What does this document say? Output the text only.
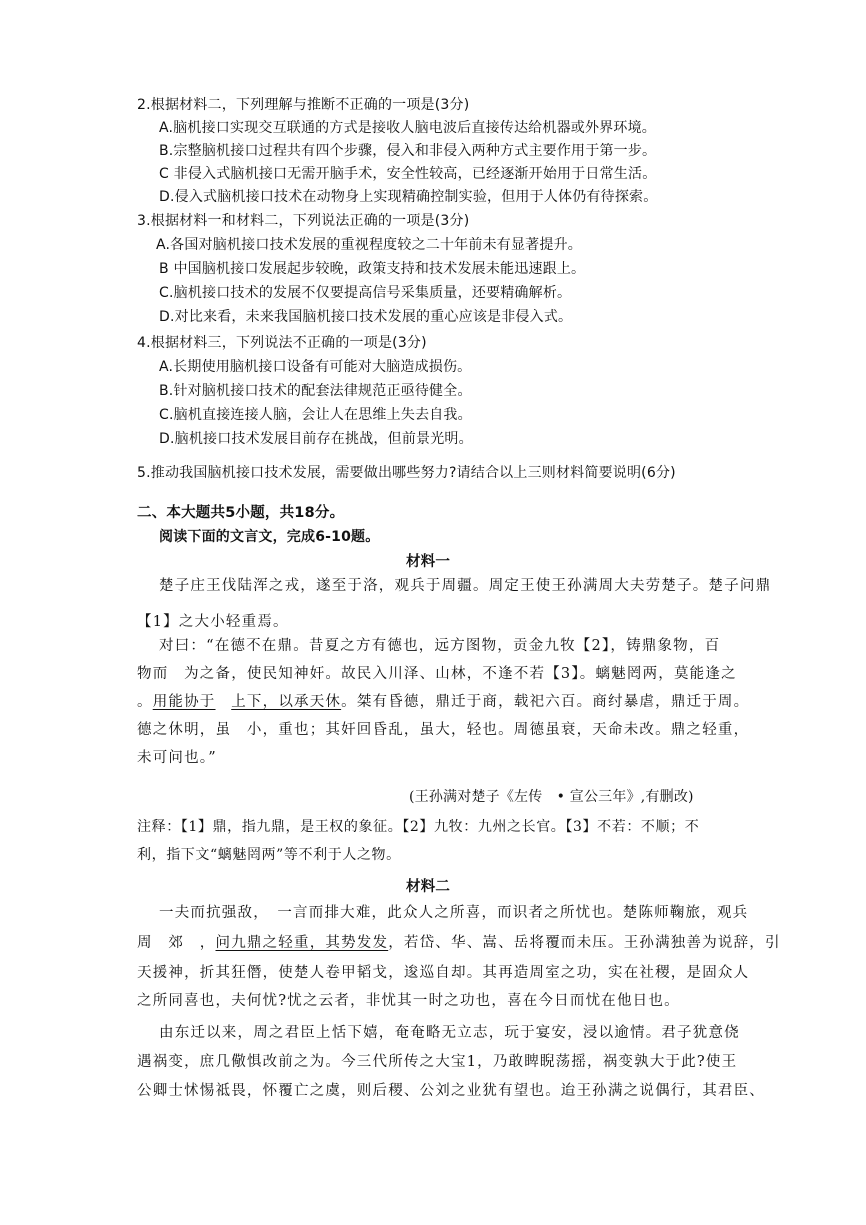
2.根据材料二，下列理解与推断不正确的一项是(3分)
A.脑机接口实现交互联通的方式是接收人脑电波后直接传达给机器或外界环境。
B.宗整脑机接口过程共有四个步骤，侵入和非侵入两种方式主要作用于第一步。
C 非侵入式脑机接口无需开脑手术，安全性较高，已经逐渐开始用于日常生活。
D.侵入式脑机接口技术在动物身上实现精确控制实验，但用于人体仍有待探索。
3.根据材料一和材料二，下列说法正确的一项是(3分)
A.各国对脑机接口技术发展的重视程度较之二十年前未有显著提升。
B 中国脑机接口发展起步较晚，政策支持和技术发展未能迅速跟上。
C.脑机接口技术的发展不仅要提高信号采集质量，还要精确解析。
D.对比来看，未来我国脑机接口技术发展的重心应该是非侵入式。
4.根据材料三，下列说法不正确的一项是(3分)
A.长期使用脑机接口设备有可能对大脑造成损伤。
B.针对脑机接口技术的配套法律规范正亟待健全。
C.脑机直接连接人脑，会让人在思维上失去自我。
D.脑机接口技术发展目前存在挑战，但前景光明。
5.推动我国脑机接口技术发展，需要做出哪些努力?请结合以上三则材料简要说明(6分)
二、本大题共5小题，共18分。
阅读下面的文言文，完成6-10题。
材料一
楚子庄王伐陆浑之戎，遂至于洛，观兵于周疆。周定王使王孙满周大夫劳楚子。楚子问鼎
【1】之大小轻重焉。
对曰：“在德不在鼎。昔夏之方有德也，远方图物，贡金九牧【2】，铸鼎象物，百
物而　为之备，使民知神奸。故民入川泽、山林，不逢不若【3】。螭魅罔两，莫能逢之
。用能协于　 上下，以承天休。桀有昏德，鼎迁于商，载祀六百。商纣暴虐，鼎迁于周。
德之休明，虽　小，重也；其奸回昏乱，虽大，轻也。周德虽衰，天命未改。鼎之轻重，
未可问也。”
(王孙满对楚子《左传　• 宣公三年》,有删改)
注释：【1】鼎，指九鼎，是王权的象征。【2】九牧：九州之长官。【3】不若：不顺；不
利，指下文“螭魅罔两”等不利于人之物。
材料二
一夫而抗强敌，　一言而排大难，此众人之所喜，而识者之所忧也。楚陈师鞠旅，观兵
周　郊　，问九鼎之轻重，其势发发，若岱、华、嵩、岳将覆而未压。王孙满独善为说辞，引
天援神，折其狂僭，使楚人卷甲韬戈，逡巡自却。其再造周室之功，实在社稷，是固众人
之所同喜也，夫何忧?忧之云者，非忧其一时之功也，喜在今日而忧在他日也。
由东迁以来，周之君臣上恬下嬉，奄奄略无立志，玩于宴安，浸以逾情。君子犹意侥
遇祸变，庶几儆惧改前之为。今三代所传之大宝1，乃敢睥睨荡摇，祸变孰大于此?使王
公卿士怵惕祗畏，怀覆亡之虞，则后稷、公刘之业犹有望也。迨王孙满之说偶行，其君臣、
